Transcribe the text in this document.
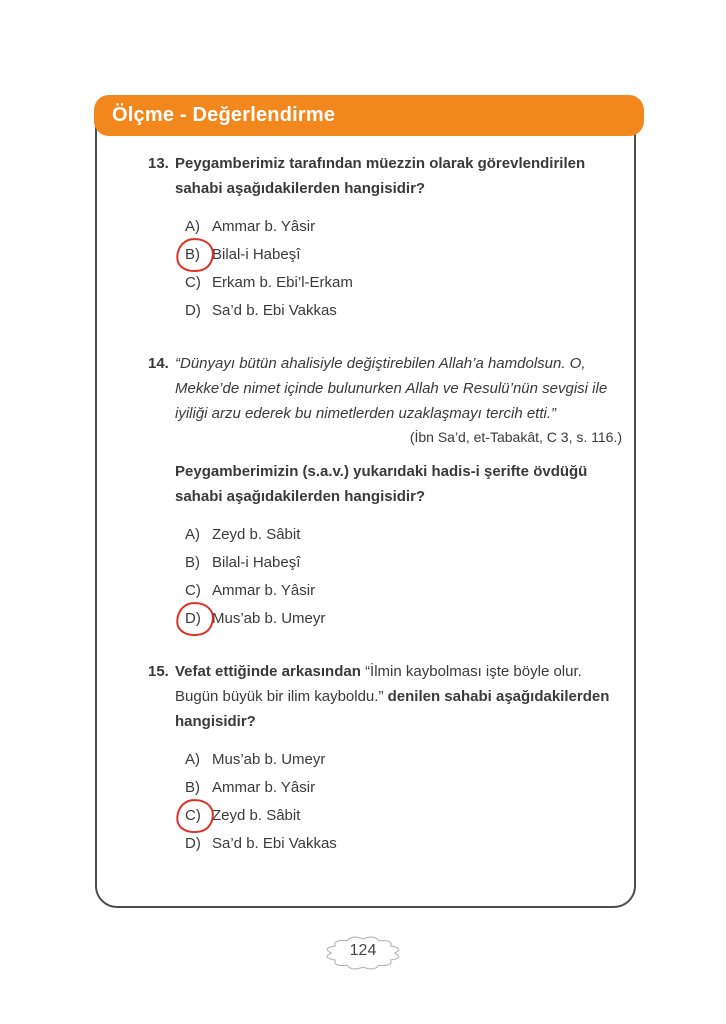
Ölçme - Değerlendirme
13. Peygamberimiz tarafından müezzin olarak görevlendirilen sahabi aşağıdakilerden hangisidir?

A) Ammar b. Yâsir
B) Bilal-i Habeşî
C) Erkam b. Ebi’l-Erkam
D) Sa’d b. Ebi Vakkas
14. “Dünyayı bütün ahalisiyle değiştirebilen Allah’a hamdolsun. O, Mekke’de nimet içinde bulunurken Allah ve Resulü’nün sevgisi ile iyiliği arzu ederek bu nimetlerden uzaklaşmayı tercih etti.”

(İbn Sa’d, et-Tabakât, C 3, s. 116.)

Peygamberimizin (s.a.v.) yukarıdaki hadis-i şerifte övdüğü sahabi aşağıdakilerden hangisidir?

A) Zeyd b. Sâbit
B) Bilal-i Habeşî
C) Ammar b. Yâsir
D) Mus’ab b. Umeyr
15. Vefat ettiğinde arkasından “İlmin kaybolması işte böyle olur. Bugün büyük bir ilim kayboldu.” denilen sahabi aşağıdakilerden hangisidir?

A) Mus’ab b. Umeyr
B) Ammar b. Yâsir
C) Zeyd b. Sâbit
D) Sa’d b. Ebi Vakkas
124
